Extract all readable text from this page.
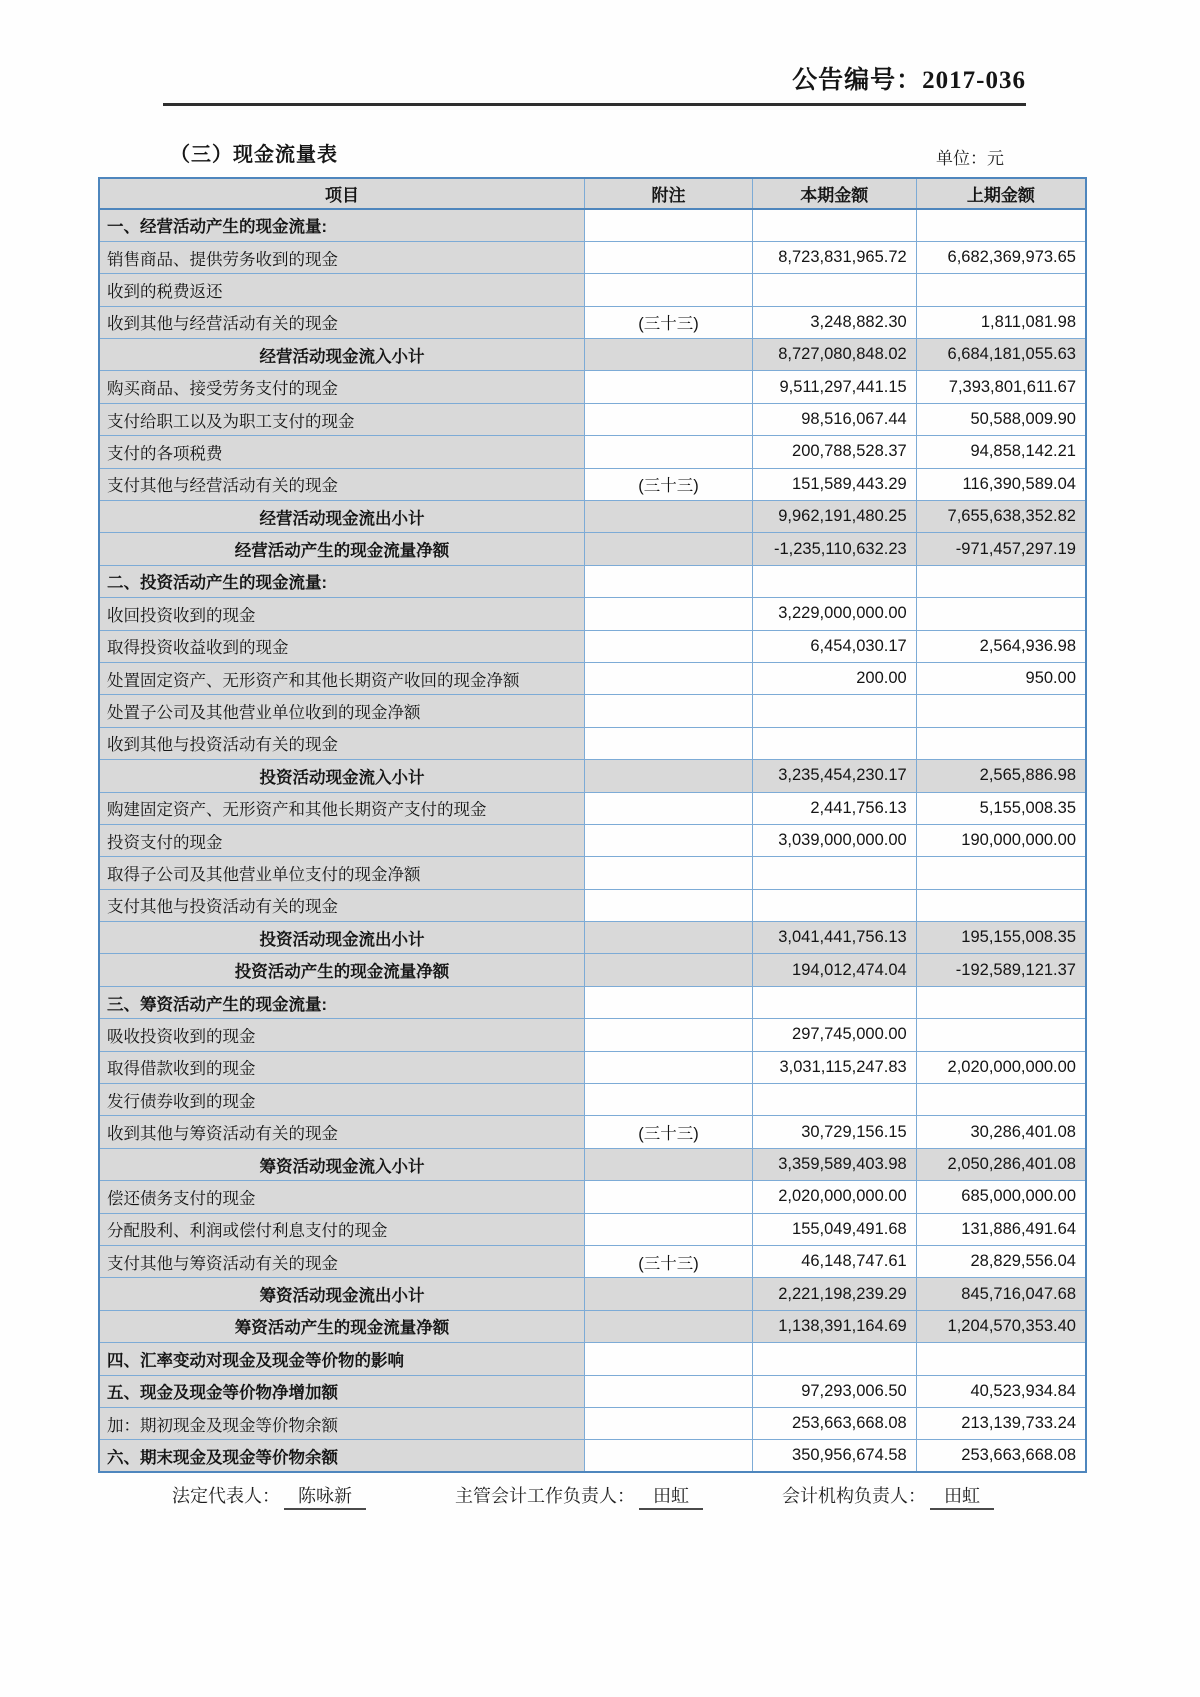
公告编号：2017-036
（三）现金流量表	单位：元
项目	附注	本期金额	上期金额
一、经营活动产生的现金流量:			
销售商品、提供劳务收到的现金		8,723,831,965.72	6,682,369,973.65
收到的税费返还			
收到其他与经营活动有关的现金	(三十三)	3,248,882.30	1,811,081.98
经营活动现金流入小计		8,727,080,848.02	6,684,181,055.63
购买商品、接受劳务支付的现金		9,511,297,441.15	7,393,801,611.67
支付给职工以及为职工支付的现金		98,516,067.44	50,588,009.90
支付的各项税费		200,788,528.37	94,858,142.21
支付其他与经营活动有关的现金	(三十三)	151,589,443.29	116,390,589.04
经营活动现金流出小计		9,962,191,480.25	7,655,638,352.82
经营活动产生的现金流量净额		-1,235,110,632.23	-971,457,297.19
二、投资活动产生的现金流量:			
收回投资收到的现金		3,229,000,000.00	
取得投资收益收到的现金		6,454,030.17	2,564,936.98
处置固定资产、无形资产和其他长期资产收回的现金净额		200.00	950.00
处置子公司及其他营业单位收到的现金净额			
收到其他与投资活动有关的现金			
投资活动现金流入小计		3,235,454,230.17	2,565,886.98
购建固定资产、无形资产和其他长期资产支付的现金		2,441,756.13	5,155,008.35
投资支付的现金		3,039,000,000.00	190,000,000.00
取得子公司及其他营业单位支付的现金净额			
支付其他与投资活动有关的现金			
投资活动现金流出小计		3,041,441,756.13	195,155,008.35
投资活动产生的现金流量净额		194,012,474.04	-192,589,121.37
三、筹资活动产生的现金流量:			
吸收投资收到的现金		297,745,000.00	
取得借款收到的现金		3,031,115,247.83	2,020,000,000.00
发行债券收到的现金			
收到其他与筹资活动有关的现金	(三十三)	30,729,156.15	30,286,401.08
筹资活动现金流入小计		3,359,589,403.98	2,050,286,401.08
偿还债务支付的现金		2,020,000,000.00	685,000,000.00
分配股利、利润或偿付利息支付的现金		155,049,491.68	131,886,491.64
支付其他与筹资活动有关的现金	(三十三)	46,148,747.61	28,829,556.04
筹资活动现金流出小计		2,221,198,239.29	845,716,047.68
筹资活动产生的现金流量净额		1,138,391,164.69	1,204,570,353.40
四、汇率变动对现金及现金等价物的影响			
五、现金及现金等价物净增加额		97,293,006.50	40,523,934.84
加：期初现金及现金等价物余额		253,663,668.08	213,139,733.24
六、期末现金及现金等价物余额		350,956,674.58	253,663,668.08
法定代表人： 陈咏新	主管会计工作负责人： 田虹	会计机构负责人： 田虹
